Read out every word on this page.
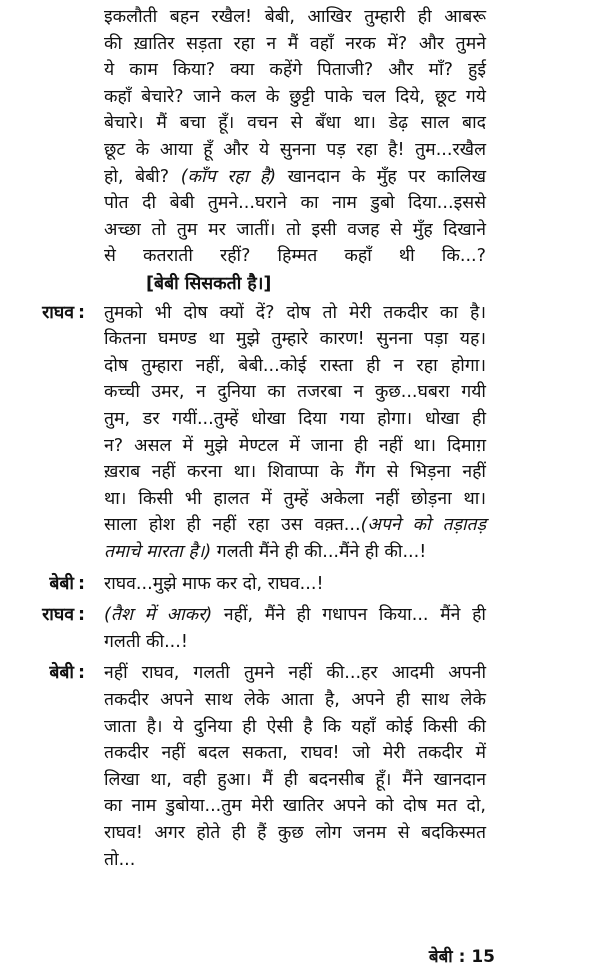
इकलौती बहन रखैल! बेबी, आखिर तुम्हारी ही आबरू
की ख़ातिर सड़ता रहा न मैं वहाँ नरक में? और तुमने
ये काम किया? क्या कहेंगे पिताजी? और माँ? हुई
कहाँ बेचारे? जाने कल के छुट्टी पाके चल दिये, छूट गये
बेचारे। मैं बचा हूँ। वचन से बँधा था। डेढ़ साल बाद
छूट के आया हूँ और ये सुनना पड़ रहा है! तुम...रखैल
हो, बेबी? (काँप रहा है) खानदान के मुँह पर कालिख
पोत दी बेबी तुमने...घराने का नाम डुबो दिया...इससे
अच्छा तो तुम मर जातीं। तो इसी वजह से मुँह दिखाने
से कतराती रहीं? हिम्मत कहाँ थी कि...?
[बेबी सिसकती है।]
राघव : तुमको भी दोष क्यों दें? दोष तो मेरी तकदीर का है।
कितना घमण्ड था मुझे तुम्हारे कारण! सुनना पड़ा यह।
दोष तुम्हारा नहीं, बेबी...कोई रास्ता ही न रहा होगा।
कच्ची उमर, न दुनिया का तजरबा न कुछ...घबरा गयी
तुम, डर गयीं...तुम्हें धोखा दिया गया होगा। धोखा ही
न? असल में मुझे मेण्टल में जाना ही नहीं था। दिमाग़
ख़राब नहीं करना था। शिवाप्पा के गैंग से भिड़ना नहीं
था। किसी भी हालत में तुम्हें अकेला नहीं छोड़ना था।
साला होश ही नहीं रहा उस वक़्त...(अपने को तड़ातड़
तमाचे मारता है।) गलती मैंने ही की...मैंने ही की...!
बेबी : राघव...मुझे माफ कर दो, राघव...!
राघव : (तैश में आकर) नहीं, मैंने ही गधापन किया... मैंने ही
गलती की...!
बेबी : नहीं राघव, गलती तुमने नहीं की...हर आदमी अपनी
तकदीर अपने साथ लेके आता है, अपने ही साथ लेके
जाता है। ये दुनिया ही ऐसी है कि यहाँ कोई किसी की
तकदीर नहीं बदल सकता, राघव! जो मेरी तकदीर में
लिखा था, वही हुआ। मैं ही बदनसीब हूँ। मैंने खानदान
का नाम डुबोया...तुम मेरी खातिर अपने को दोष मत दो,
राघव! अगर होते ही हैं कुछ लोग जनम से बदकिस्मत
तो...
बेबी : 15
